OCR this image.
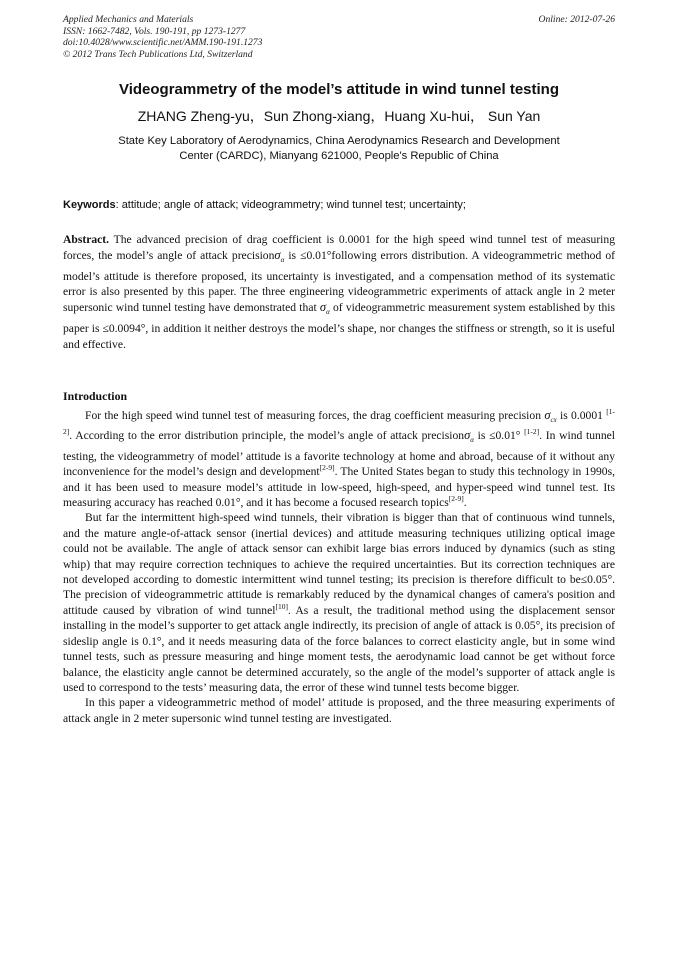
Applied Mechanics and Materials
ISSN: 1662-7482, Vols. 190-191, pp 1273-1277
doi:10.4028/www.scientific.net/AMM.190-191.1273
© 2012 Trans Tech Publications Ltd, Switzerland
Online: 2012-07-26
Videogrammetry of the model’s attitude in wind tunnel testing
ZHANG Zheng-yu，Sun Zhong-xiang，Huang Xu-hui， Sun Yan
State Key Laboratory of Aerodynamics, China Aerodynamics Research and Development
Center (CARDC), Mianyang 621000, People's Republic of China
Keywords: attitude; angle of attack; videogrammetry; wind tunnel test; uncertainty;
Abstract. The advanced precision of drag coefficient is 0.0001 for the high speed wind tunnel test of measuring forces, the model’s angle of attack precisionσ$_\alpha$ is ≤0.01°following errors distribution. A videogrammetric method of model’s attitude is therefore proposed, its uncertainty is investigated, and a compensation method of its systematic error is also presented by this paper. The three engineering videogrammetric experiments of attack angle in 2 meter supersonic wind tunnel testing have demonstrated that $\sigma_\alpha$ of videogrammetric measurement system established by this paper is ≤0.0094°, in addition it neither destroys the model’s shape, nor changes the stiffness or strength, so it is useful and effective.
Introduction

For the high speed wind tunnel test of measuring forces, the drag coefficient measuring precision $\sigma_{cx}$ is 0.0001 [1-2]. According to the error distribution principle, the model’s angle of attack precisionσ$_\alpha$ is ≤0.01° [1-2]. In wind tunnel testing, the videogrammetry of model’ attitude is a favorite technology at home and abroad, because of it without any inconvenience for the model’s design and development[2-9]. The United States began to study this technology in 1990s, and it has been used to measure model’s attitude in low-speed, high-speed, and hyper-speed wind tunnel test. Its measuring accuracy has reached 0.01°, and it has become a focused research topics[2-9].

But far the intermittent high-speed wind tunnels, their vibration is bigger than that of continuous wind tunnels, and the mature angle-of-attack sensor (inertial devices) and attitude measuring techniques utilizing optical image could not be available. The angle of attack sensor can exhibit large bias errors induced by dynamics (such as sting whip) that may require correction techniques to achieve the required uncertainties. But its correction techniques are not developed according to domestic intermittent wind tunnel testing; its precision is therefore difficult to be≤0.05°. The precision of videogrammetric attitude is remarkably reduced by the dynamical changes of camera's position and attitude caused by vibration of wind tunnel[10]. As a result, the traditional method using the displacement sensor installing in the model’s supporter to get attack angle indirectly, its precision of angle of attack is 0.05°, its precision of sideslip angle is 0.1°, and it needs measuring data of the force balances to correct elasticity angle, but in some wind tunnel tests, such as pressure measuring and hinge moment tests, the aerodynamic load cannot be get without force balance, the elasticity angle cannot be determined accurately, so the angle of the model’s supporter of attack angle is used to correspond to the tests’ measuring data, the error of these wind tunnel tests become bigger.

In this paper a videogrammetric method of model’ attitude is proposed, and the three measuring experiments of attack angle in 2 meter supersonic wind tunnel testing are investigated.
